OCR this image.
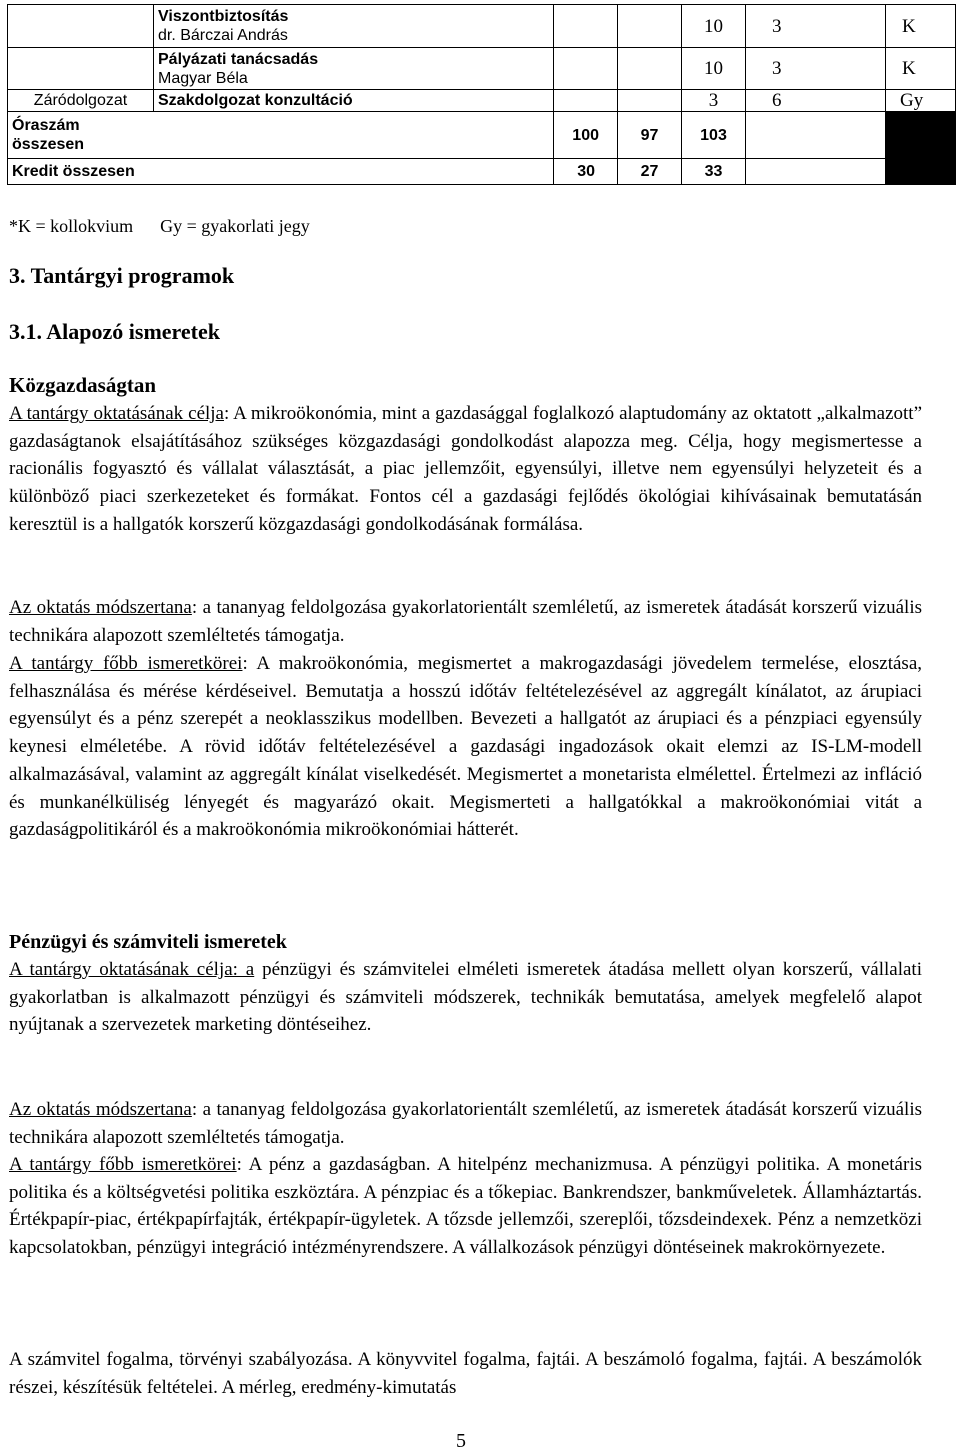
	Viszontbiztosítás
dr. Bárczai András			10	3	K

	Pályázati tanácsadás
Magyar Béla			10	3	K
Záródolgozat	Szakdolgozat konzultáció			3	6	Gy

Óraszám
összesen		100	97	103		
Kredit összesen		30	27	33		
*K = kollokvium Gy = gyakorlati jegy
3. Tantárgyi programok
3.1. Alapozó ismeretek
Közgazdaságtan

A tantárgy oktatásának célja: A mikroökonómia, mint a gazdasággal foglalkozó alaptudomány az oktatott „alkalmazott” gazdaságtanok elsajátításához szükséges közgazdasági gondolkodást alapozza meg. Célja, hogy megismertesse a racionális fogyasztó és vállalat választását, a piac jellemzőit, egyensúlyi, illetve nem egyensúlyi helyzeteit és a különböző piaci szerkezeteket és formákat. Fontos cél a gazdasági fejlődés ökológiai kihívásainak bemutatásán keresztül is a hallgatók korszerű közgazdasági gondolkodásának formálása.

Az oktatás módszertana: a tananyag feldolgozása gyakorlatorientált szemléletű, az ismeretek átadását korszerű vizuális technikára alapozott szemléltetés támogatja.

A tantárgy főbb ismeretkörei: A makroökonómia, megismertet a makrogazdasági jövedelem termelése, elosztása, felhasználása és mérése kérdéseivel. Bemutatja a hosszú időtáv feltételezésével az aggregált kínálatot, az árupiaci egyensúlyt és a pénz szerepét a neoklasszikus modellben. Bevezeti a hallgatót az árupiaci és a pénzpiaci egyensúly keynesi elméletébe. A rövid időtáv feltételezésével a gazdasági ingadozások okait elemzi az IS-LM-modell alkalmazásával, valamint az aggregált kínálat viselkedését. Megismertet a monetarista elmélettel. Értelmezi az infláció és munkanélküliség lényegét és magyarázó okait. Megismerteti a hallgatókkal a makroökonómiai vitát a gazdaságpolitikáról és a makroökonómia mikroökonómiai hátterét.

Pénzügyi és számviteli ismeretek

A tantárgy oktatásának célja: a pénzügyi és számvitelei elméleti ismeretek átadása mellett olyan korszerű, vállalati gyakorlatban is alkalmazott pénzügyi és számviteli módszerek, technikák bemutatása, amelyek megfelelő alapot nyújtanak a szervezetek marketing döntéseihez.

Az oktatás módszertana: a tananyag feldolgozása gyakorlatorientált szemléletű, az ismeretek átadását korszerű vizuális technikára alapozott szemléltetés támogatja.

A tantárgy főbb ismeretkörei: A pénz a gazdaságban. A hitelpénz mechanizmusa. A pénzügyi politika. A monetáris politika és a költségvetési politika eszköztára. A pénzpiac és a tőkepiac. Bankrendszer, bankműveletek. Államháztartás. Értékpapír-piac, értékpapírfajták, értékpapír-ügyletek. A tőzsde jellemzői, szereplői, tőzsdeindexek. Pénz a nemzetközi kapcsolatokban, pénzügyi integráció intézményrendszere. A vállalkozások pénzügyi döntéseinek makrokörnyezete.

A számvitel fogalma, törvényi szabályozása. A könyvvitel fogalma, fajtái. A beszámoló fogalma, fajtái. A beszámolók részei, készítésük feltételei. A mérleg, eredmény-kimutatás

5
